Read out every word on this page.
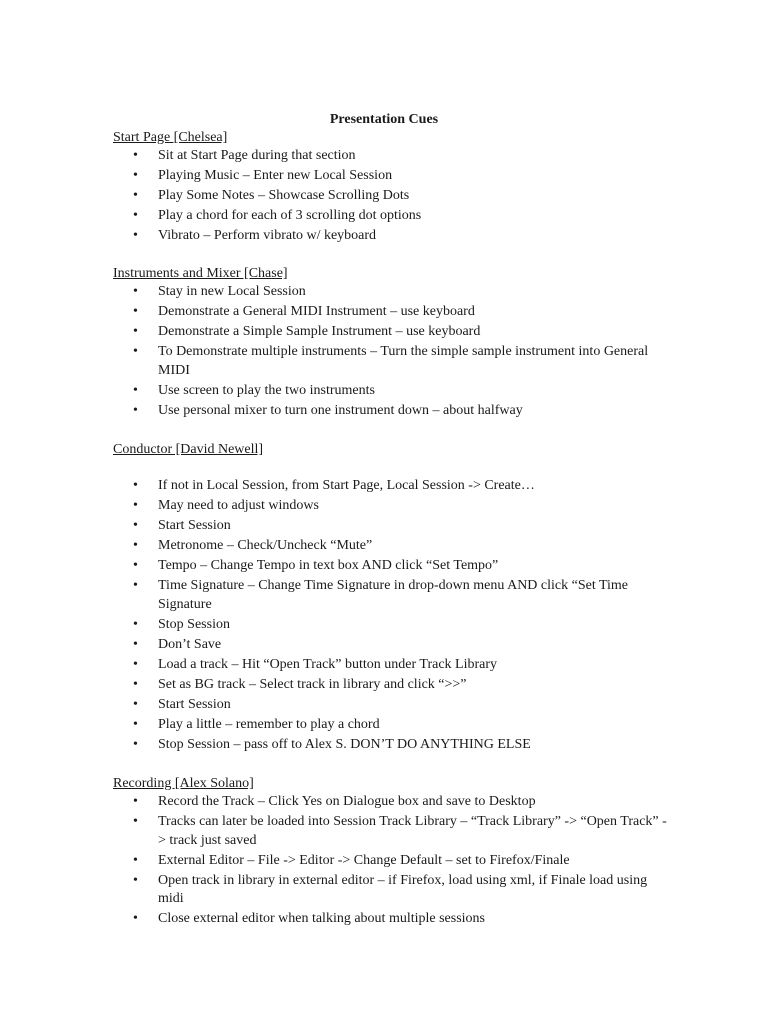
Presentation Cues

Start Page [Chelsea]

• Sit at Start Page during that section
• Playing Music – Enter new Local Session
• Play Some Notes – Showcase Scrolling Dots
• Play a chord for each of 3 scrolling dot options
• Vibrato – Perform vibrato w/ keyboard

Instruments and Mixer [Chase]

• Stay in new Local Session
• Demonstrate a General MIDI Instrument – use keyboard
• Demonstrate a Simple Sample Instrument – use keyboard
• To Demonstrate multiple instruments – Turn the simple sample instrument into General MIDI
• Use screen to play the two instruments
• Use personal mixer to turn one instrument down – about halfway

Conductor [David Newell]

• If not in Local Session, from Start Page, Local Session -> Create…
• May need to adjust windows
• Start Session
• Metronome – Check/Uncheck “Mute”
• Tempo – Change Tempo in text box AND click “Set Tempo”
• Time Signature – Change Time Signature in drop-down menu AND click “Set Time Signature
• Stop Session
• Don’t Save
• Load a track – Hit “Open Track” button under Track Library
• Set as BG track – Select track in library and click “>>”
• Start Session
• Play a little – remember to play a chord
• Stop Session – pass off to Alex S. DON’T DO ANYTHING ELSE

Recording [Alex Solano]

• Record the Track – Click Yes on Dialogue box and save to Desktop
• Tracks can later be loaded into Session Track Library – “Track Library” -> “Open Track” -> track just saved
• External Editor – File -> Editor -> Change Default – set to Firefox/Finale
• Open track in library in external editor – if Firefox, load using xml, if Finale load using midi
• Close external editor when talking about multiple sessions
